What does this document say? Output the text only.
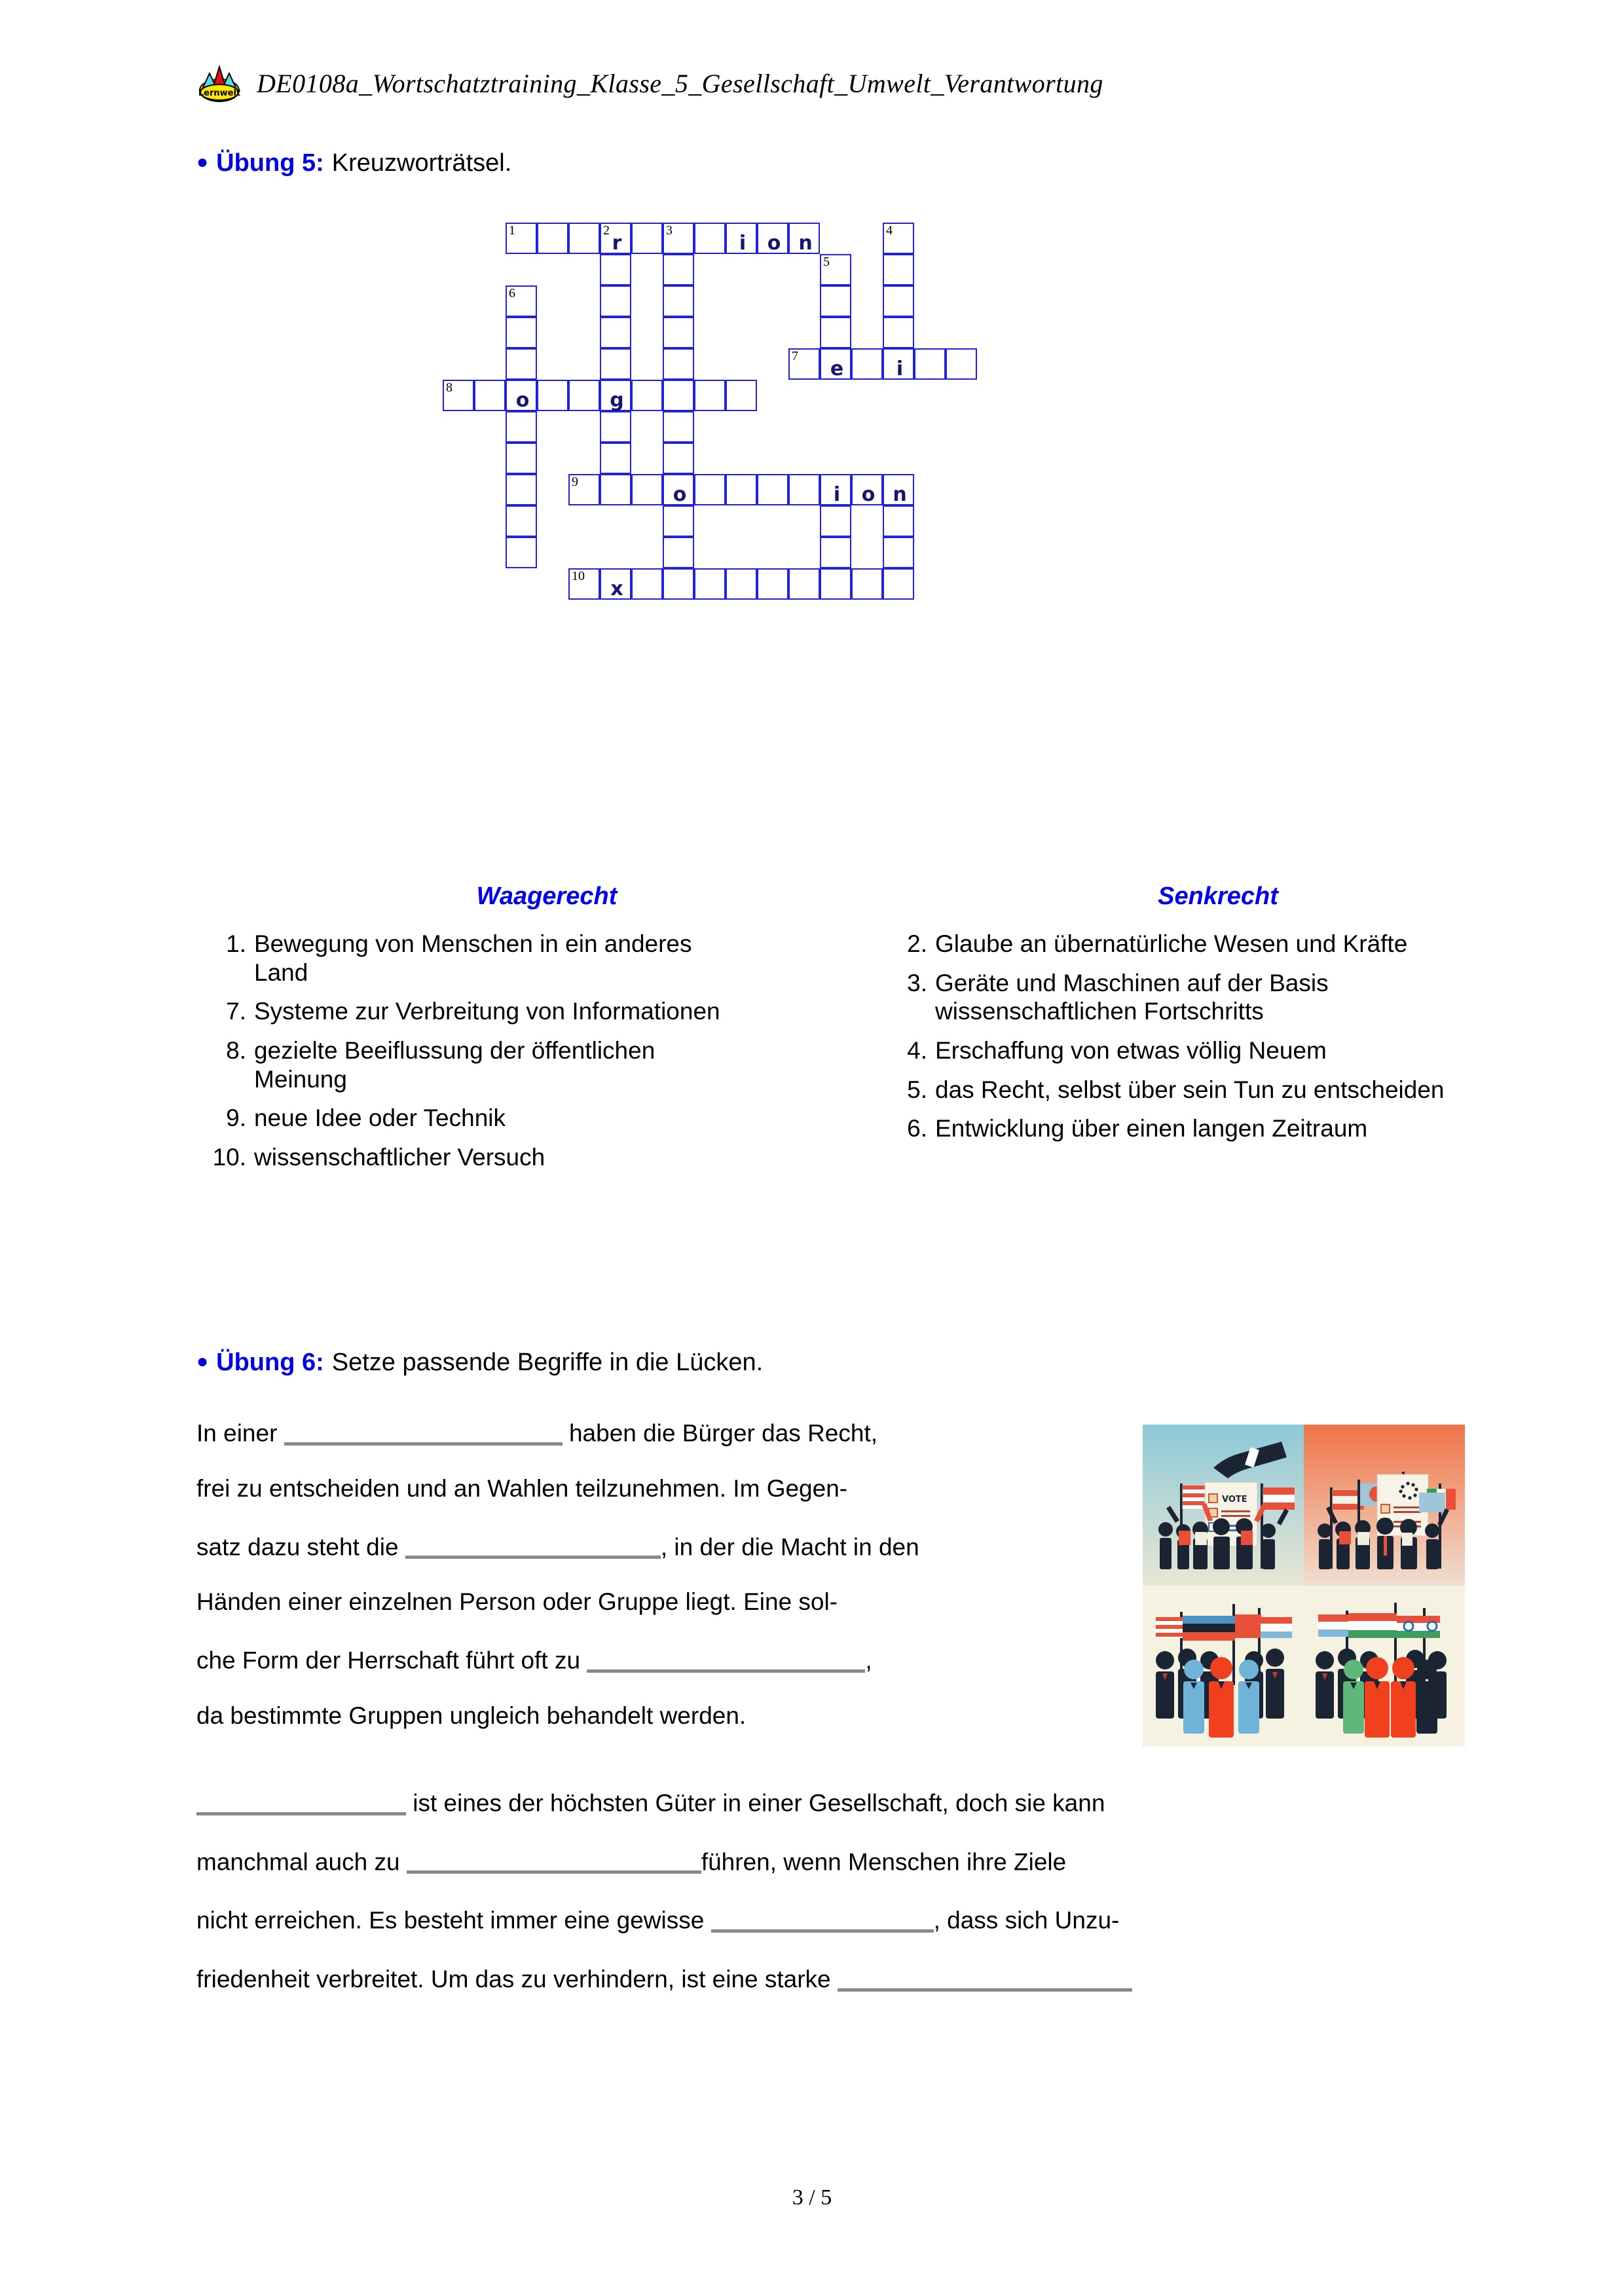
Lernwelt DE0108a_Wortschatztraining_Klasse_5_Gesellschaft_Umwelt_Verantwortung
● Übung 5: Kreuzworträtsel.
1	2
r
3
i	o n
g
4
i
5
e
6
o
7
8
9
o	i	o n
10
x
Waagerecht	Senkrecht
1. Bewegung von Menschen in ein anderes Land
7. Systeme zur Verbreitung von Informationen
8. gezielte Beeiflussung der öffentlichen Meinung
9. neue Idee oder Technik
10. wissenschaftlicher Versuch
2. Glaube an übernatürliche Wesen und Kräfte
3. Geräte und Maschinen auf der Basis wissenschaftlichen Fortschritts
4. Erschaffung von etwas völlig Neuem
5. das Recht, selbst über sein Tun zu entscheiden
6. Entwicklung über einen langen Zeitraum
● Übung 6: Setze passende Begriffe in die Lücken.
VOTE
In einer	haben die Bürger das Recht,
frei zu entscheiden und an Wahlen teilzunehmen. Im Gegen-
satz dazu steht die	, in der die Macht in den
Händen einer einzelnen Person oder Gruppe liegt. Eine sol-
che Form der Herrschaft führt oft zu	,
da bestimmte Gruppen ungleich behandelt werden.
ist eines der höchsten Güter in einer Gesellschaft, doch sie kann
manchmal auch zu	führen, wenn Menschen ihre Ziele
nicht erreichen. Es besteht immer eine gewisse	, dass sich Unzu-
friedenheit verbreitet. Um das zu verhindern, ist eine starke
3 / 5
